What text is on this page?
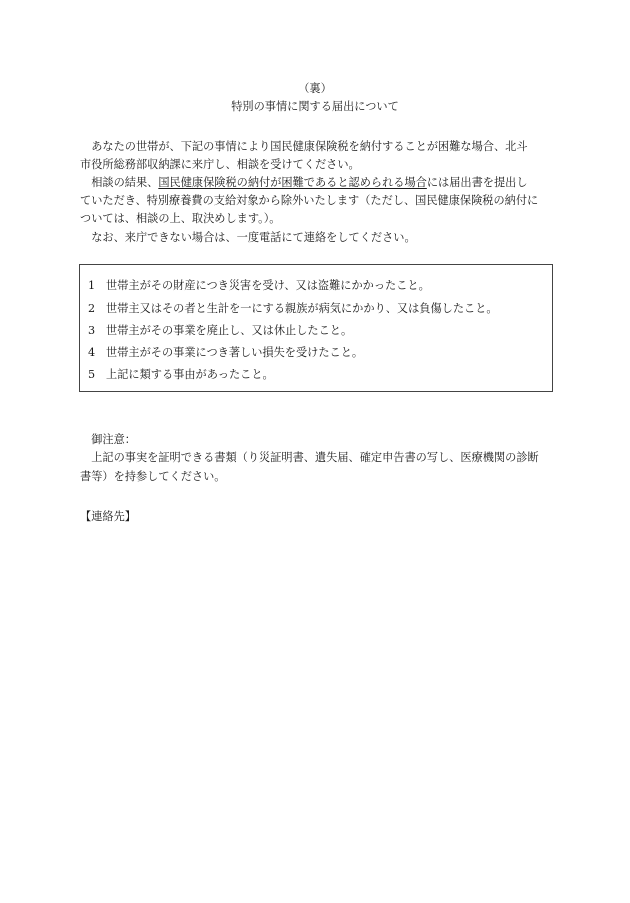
（裏）
特別の事情に関する届出について
　あなたの世帯が、下記の事情により国民健康保険税を納付することが困難な場合、北斗
市役所総務部収納課に来庁し、相談を受けてください。
　相談の結果、国民健康保険税の納付が困難であると認められる場合には届出書を提出し
ていただき、特別療養費の支給対象から除外いたします（ただし、国民健康保険税の納付に
ついては、相談の上、取決めします。）。
　なお、来庁できない場合は、一度電話にて連絡をしてください。
1 世帯主がその財産につき災害を受け、又は盗難にかかったこと。
2 世帯主又はその者と生計を一にする親族が病気にかかり、又は負傷したこと。
3 世帯主がその事業を廃止し、又は休止したこと。
4 世帯主がその事業につき著しい損失を受けたこと。
5 上記に類する事由があったこと。
　御注意：
　上記の事実を証明できる書類（り災証明書、遺失届、確定申告書の写し、医療機関の診断
書等）を持参してください。
【連絡先】
